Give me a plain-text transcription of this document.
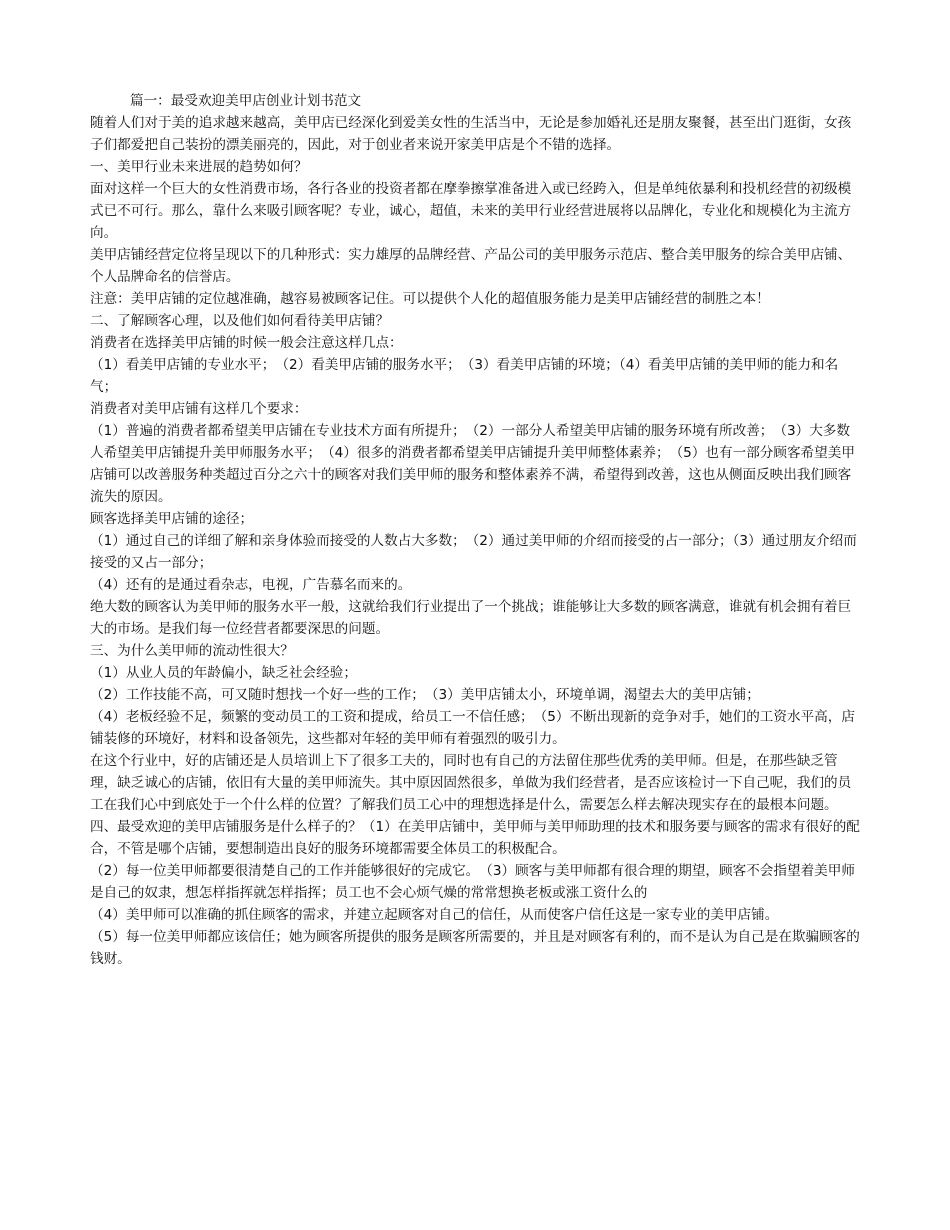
篇一：最受欢迎美甲店创业计划书范文

随着人们对于美的追求越来越高，美甲店已经深化到爱美女性的生活当中，无论是参加婚礼还是朋友聚餐，甚至出门逛街，女孩子们都爱把自己装扮的漂美丽亮的，因此，对于创业者来说开家美甲店是个不错的选择。

一、美甲行业未来进展的趋势如何？

面对这样一个巨大的女性消费市场，各行各业的投资者都在摩拳擦掌准备进入或已经跨入，但是单纯依暴利和投机经营的初级模式已不可行。那么，靠什么来吸引顾客呢？专业，诚心，超值，未来的美甲行业经营进展将以品牌化，专业化和规模化为主流方向。

美甲店铺经营定位将呈现以下的几种形式：实力雄厚的品牌经营、产品公司的美甲服务示范店、整合美甲服务的综合美甲店铺、个人品牌命名的信誉店。

注意：美甲店铺的定位越准确，越容易被顾客记住。可以提供个人化的超值服务能力是美甲店铺经营的制胜之本！

二、了解顾客心理，以及他们如何看待美甲店铺？

消费者在选择美甲店铺的时候一般会注意这样几点：

（1）看美甲店铺的专业水平；　（2）看美甲店铺的服务水平；　（3）看美甲店铺的环境；（4）看美甲店铺的美甲师的能力和名气；

消费者对美甲店铺有这样几个要求：

（1）普遍的消费者都希望美甲店铺在专业技术方面有所提升；　（2）一部分人希望美甲店铺的服务环境有所改善；　（3）大多数人希望美甲店铺提升美甲师服务水平；　（4）很多的消费者都希望美甲店铺提升美甲师整体素养；　（5）也有一部分顾客希望美甲店铺可以改善服务种类超过百分之六十的顾客对我们美甲师的服务和整体素养不满，希望得到改善，这也从侧面反映出我们顾客流失的原因。

顾客选择美甲店铺的途径；

（1）通过自己的详细了解和亲身体验而接受的人数占大多数；　（2）通过美甲师的介绍而接受的占一部分；（3）通过朋友介绍而接受的又占一部分；

（4）还有的是通过看杂志，电视，广告慕名而来的。

绝大数的顾客认为美甲师的服务水平一般，这就给我们行业提出了一个挑战；谁能够让大多数的顾客满意，谁就有机会拥有着巨大的市场。是我们每一位经营者都要深思的问题。

三、为什么美甲师的流动性很大？

（1）从业人员的年龄偏小，缺乏社会经验；

（2）工作技能不高，可又随时想找一个好一些的工作；　（3）美甲店铺太小，环境单调，渴望去大的美甲店铺；

（4）老板经验不足，频繁的变动员工的工资和提成，给员工一不信任感；　（5）不断出现新的竞争对手，她们的工资水平高，店铺装修的环境好，材料和设备领先，这些都对年轻的美甲师有着强烈的吸引力。

在这个行业中，好的店铺还是人员培训上下了很多工夫的，同时也有自己的方法留住那些优秀的美甲师。但是，在那些缺乏管理，缺乏诚心的店铺，依旧有大量的美甲师流失。其中原因固然很多，单做为我们经营者，是否应该检讨一下自己呢，我们的员工在我们心中到底处于一个什么样的位置？了解我们员工心中的理想选择是什么，需要怎么样去解决现实存在的最根本问题。

四、最受欢迎的美甲店铺服务是什么样子的？（1）在美甲店铺中，美甲师与美甲师助理的技术和服务要与顾客的需求有很好的配合，不管是哪个店铺，要想制造出良好的服务环境都需要全体员工的积极配合。

（2）每一位美甲师都要很清楚自己的工作并能够很好的完成它。　（3）顾客与美甲师都有很合理的期望，顾客不会指望着美甲师是自己的奴隶，想怎样指挥就怎样指挥；员工也不会心烦气燥的常常想换老板或涨工资什么的

（4）美甲师可以准确的抓住顾客的需求，并建立起顾客对自己的信任，从而使客户信任这是一家专业的美甲店铺。

（5）每一位美甲师都应该信任；她为顾客所提供的服务是顾客所需要的，并且是对顾客有利的，而不是认为自己是在欺骗顾客的钱财。
